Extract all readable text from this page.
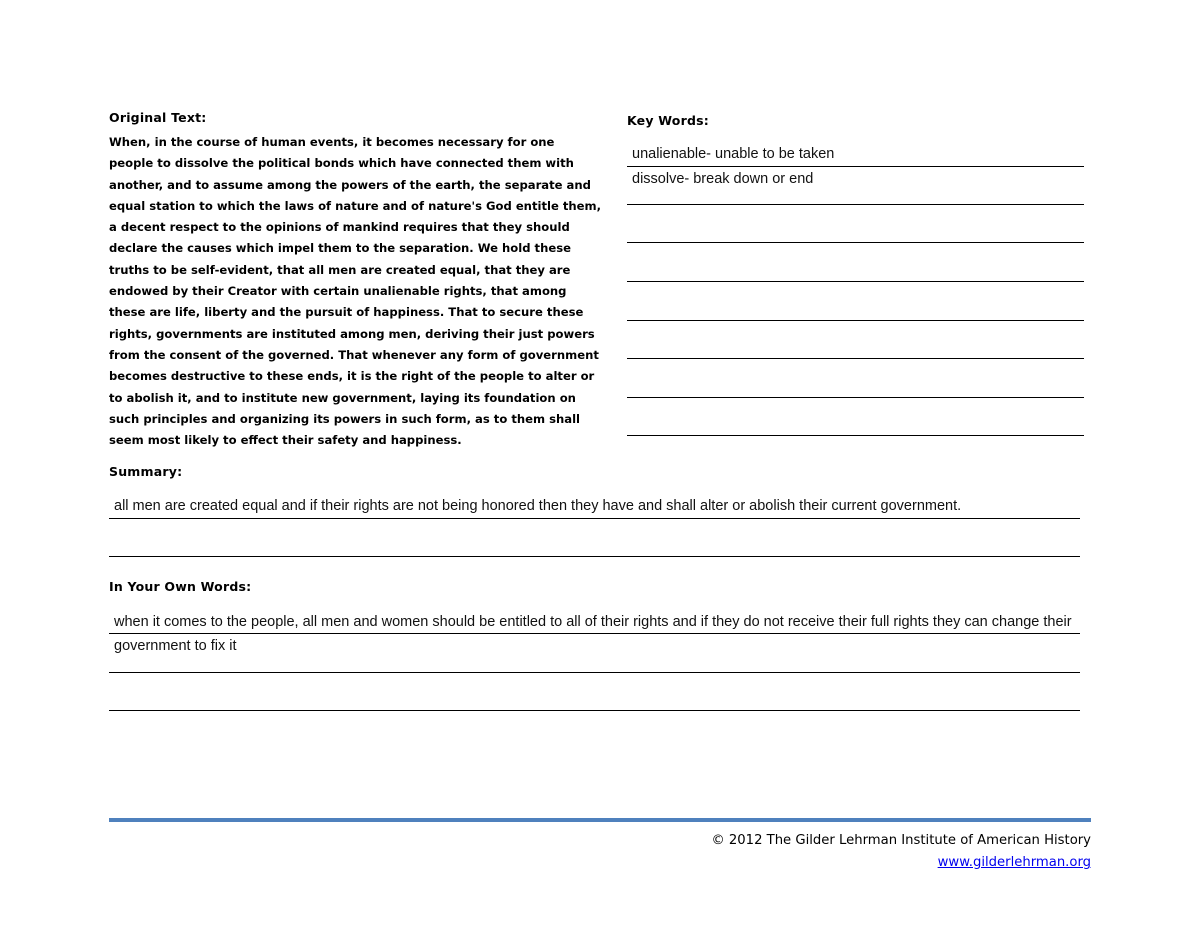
Original Text:
When, in the course of human events, it becomes necessary for one
people to dissolve the political bonds which have connected them with
another, and to assume among the powers of the earth, the separate and
equal station to which the laws of nature and of nature's God entitle them,
a decent respect to the opinions of mankind requires that they should
declare the causes which impel them to the separation. We hold these
truths to be self-evident, that all men are created equal, that they are
endowed by their Creator with certain unalienable rights, that among
these are life, liberty and the pursuit of happiness. That to secure these
rights, governments are instituted among men, deriving their just powers
from the consent of the governed. That whenever any form of government
becomes destructive to these ends, it is the right of the people to alter or
to abolish it, and to institute new government, laying its foundation on
such principles and organizing its powers in such form, as to them shall
seem most likely to effect their safety and happiness.
Key Words:
unalienable- unable to be taken
dissolve- break down or end
Summary:
all men are created equal and if their rights are not being honored then they have and shall alter or abolish their current government.
In Your Own Words:
when it comes to the people, all men and women should be entitled to all of their rights and if they do not receive their full rights they can change their
government to fix it
© 2012 The Gilder Lehrman Institute of American History
www.gilderlehrman.org
